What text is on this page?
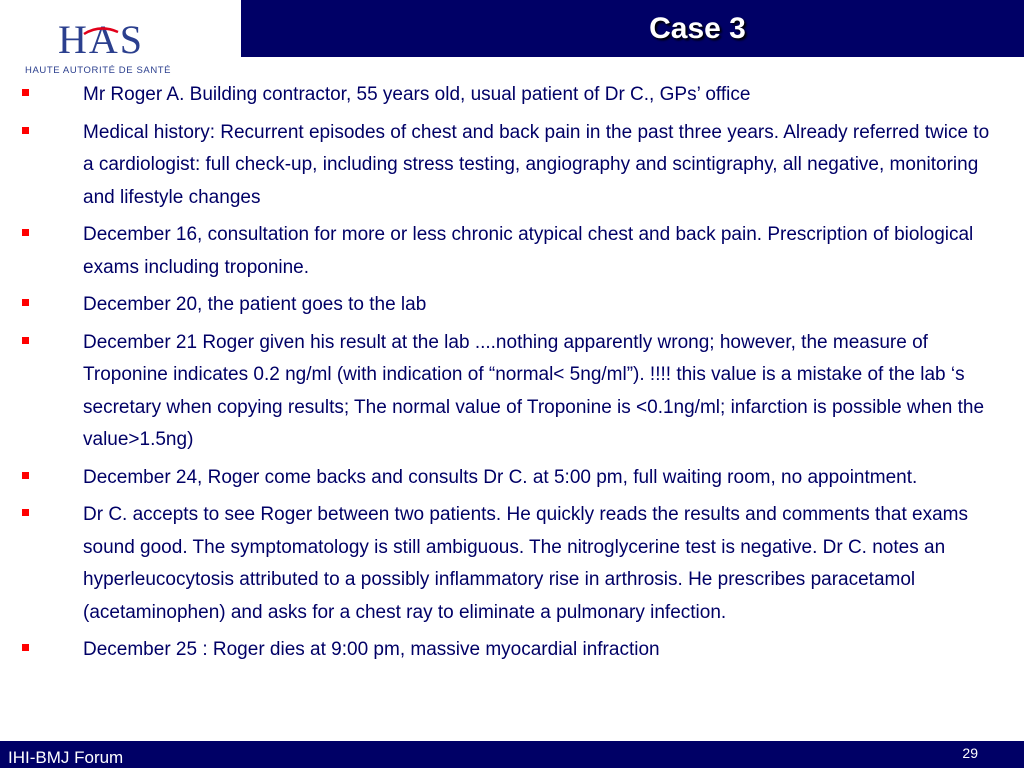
HAS
HAUTE AUTORITÉ DE SANTÉ
Case 3
Mr Roger A. Building contractor, 55 years old, usual patient of Dr C., GPs’ office
Medical history: Recurrent episodes of chest and back pain in the past three years. Already referred twice to a cardiologist: full check-up, including stress testing, angiography and scintigraphy, all negative, monitoring and lifestyle changes
December 16, consultation for more or less chronic atypical chest and back pain. Prescription of biological exams including troponine.
December 20, the patient goes to the lab
December 21 Roger given his result at the lab ....nothing apparently wrong; however, the measure of Troponine indicates 0.2 ng/ml (with indication of “normal< 5ng/ml”). !!!! this value is a mistake of the lab ‘s secretary when copying results; The normal value of Troponine is <0.1ng/ml; infarction is possible when the value>1.5ng)
December 24, Roger come backs and consults Dr C. at 5:00 pm, full waiting room, no appointment.
Dr C. accepts to see Roger between two patients. He quickly reads the results and comments that exams sound good. The symptomatology is still ambiguous. The nitroglycerine test is negative. Dr C. notes an hyperleucocytosis attributed to a possibly inflammatory rise in arthrosis. He prescribes paracetamol (acetaminophen) and asks for a chest ray to eliminate a pulmonary infection.
December 25 : Roger dies at 9:00 pm, massive myocardial infraction
IHI-BMJ Forum	29
